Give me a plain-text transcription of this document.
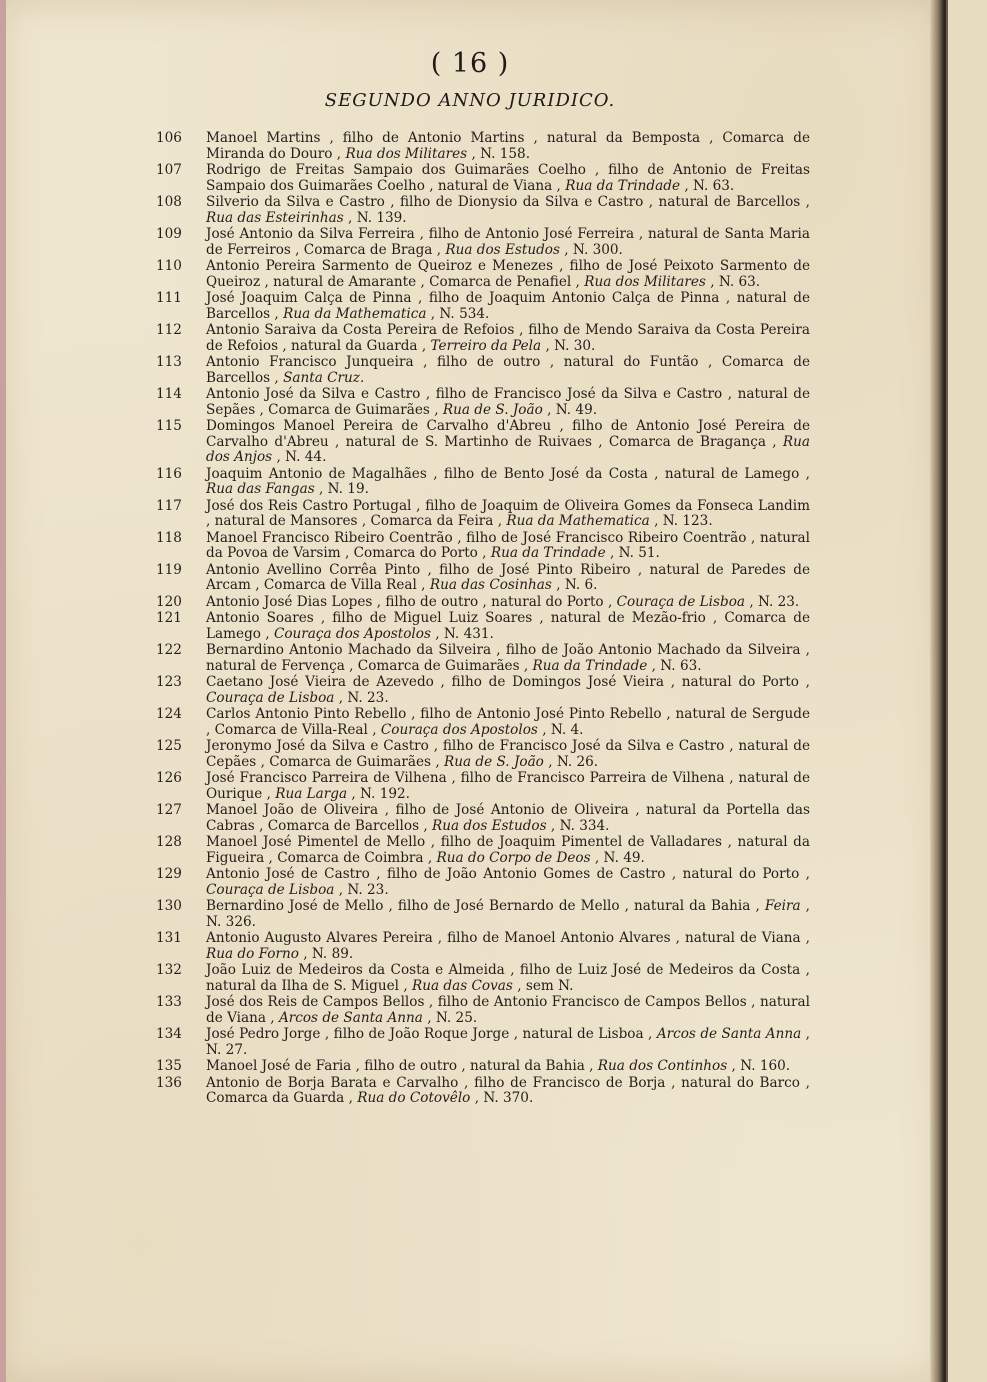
( 16 )
SEGUNDO ANNO JURIDICO.
106	Manoel Martins , filho de Antonio Martins , natural da Bemposta , Comarca de Miranda do Douro , Rua dos Militares , N. 158.
107	Rodrigo de Freitas Sampaio dos Guimarães Coelho , filho de Antonio de Freitas Sampaio dos Guimarães Coelho , natural de Viana , Rua da Trindade , N. 63.
108	Silverio da Silva e Castro , filho de Dionysio da Silva e Castro , natural de Barcellos , Rua das Esteirinhas , N. 139.
109	José Antonio da Silva Ferreira , filho de Antonio José Ferreira , natural de Santa Maria de Ferreiros , Comarca de Braga , Rua dos Estudos , N. 300.
110	Antonio Pereira Sarmento de Queiroz e Menezes , filho de José Peixoto Sarmento de Queiroz , natural de Amarante , Comarca de Penafiel , Rua dos Militares , N. 63.
111	José Joaquim Calça de Pinna , filho de Joaquim Antonio Calça de Pinna , natural de Barcellos , Rua da Mathematica , N. 534.
112	Antonio Saraiva da Costa Pereira de Refoios , filho de Mendo Saraiva da Costa Pereira de Refoios , natural da Guarda , Terreiro da Pela , N. 30.
113	Antonio Francisco Junqueira , filho de outro , natural do Funtão , Comarca de Barcellos , Santa Cruz.
114	Antonio José da Silva e Castro , filho de Francisco José da Silva e Castro , natural de Sepães , Comarca de Guimarães , Rua de S. João , N. 49.
115	Domingos Manoel Pereira de Carvalho d'Abreu , filho de Antonio José Pereira de Carvalho d'Abreu , natural de S. Martinho de Ruivaes , Comarca de Bragança , Rua dos Anjos , N. 44.
116	Joaquim Antonio de Magalhães , filho de Bento José da Costa , natural de Lamego , Rua das Fangas , N. 19.
117	José dos Reis Castro Portugal , filho de Joaquim de Oliveira Gomes da Fonseca Landim , natural de Mansores , Comarca da Feira , Rua da Mathematica , N. 123.
118	Manoel Francisco Ribeiro Coentrão , filho de José Francisco Ribeiro Coentrão , natural da Povoa de Varsim , Comarca do Porto , Rua da Trindade , N. 51.
119	Antonio Avellino Corrêa Pinto , filho de José Pinto Ribeiro , natural de Paredes de Arcam , Comarca de Villa Real , Rua das Cosinhas , N. 6.
120	Antonio José Dias Lopes , filho de outro , natural do Porto , Couraça de Lisboa , N. 23.
121	Antonio Soares , filho de Miguel Luiz Soares , natural de Mezão-frio , Comarca de Lamego , Couraça dos Apostolos , N. 431.
122	Bernardino Antonio Machado da Silveira , filho de João Antonio Machado da Silveira , natural de Fervença , Comarca de Guimarães , Rua da Trindade , N. 63.
123	Caetano José Vieira de Azevedo , filho de Domingos José Vieira , natural do Porto , Couraça de Lisboa , N. 23.
124	Carlos Antonio Pinto Rebello , filho de Antonio José Pinto Rebello , natural de Sergude , Comarca de Villa-Real , Couraça dos Apostolos , N. 4.
125	Jeronymo José da Silva e Castro , filho de Francisco José da Silva e Castro , natural de Cepães , Comarca de Guimarães , Rua de S. João , N. 26.
126	José Francisco Parreira de Vilhena , filho de Francisco Parreira de Vilhena , natural de Ourique , Rua Larga , N. 192.
127	Manoel João de Oliveira , filho de José Antonio de Oliveira , natural da Portella das Cabras , Comarca de Barcellos , Rua dos Estudos , N. 334.
128	Manoel José Pimentel de Mello , filho de Joaquim Pimentel de Valladares , natural da Figueira , Comarca de Coimbra , Rua do Corpo de Deos , N. 49.
129	Antonio José de Castro , filho de João Antonio Gomes de Castro , natural do Porto , Couraça de Lisboa , N. 23.
130	Bernardino José de Mello , filho de José Bernardo de Mello , natural da Bahia , Feira , N. 326.
131	Antonio Augusto Alvares Pereira , filho de Manoel Antonio Alvares , natural de Viana , Rua do Forno , N. 89.
132	João Luiz de Medeiros da Costa e Almeida , filho de Luiz José de Medeiros da Costa , natural da Ilha de S. Miguel , Rua das Covas , sem N.
133	José dos Reis de Campos Bellos , filho de Antonio Francisco de Campos Bellos , natural de Viana , Arcos de Santa Anna , N. 25.
134	José Pedro Jorge , filho de João Roque Jorge , natural de Lisboa , Arcos de Santa Anna , N. 27.
135	Manoel José de Faria , filho de outro , natural da Bahia , Rua dos Continhos , N. 160.
136	Antonio de Borja Barata e Carvalho , filho de Francisco de Borja , natural do Barco , Comarca da Guarda , Rua do Cotovêlo , N. 370.
